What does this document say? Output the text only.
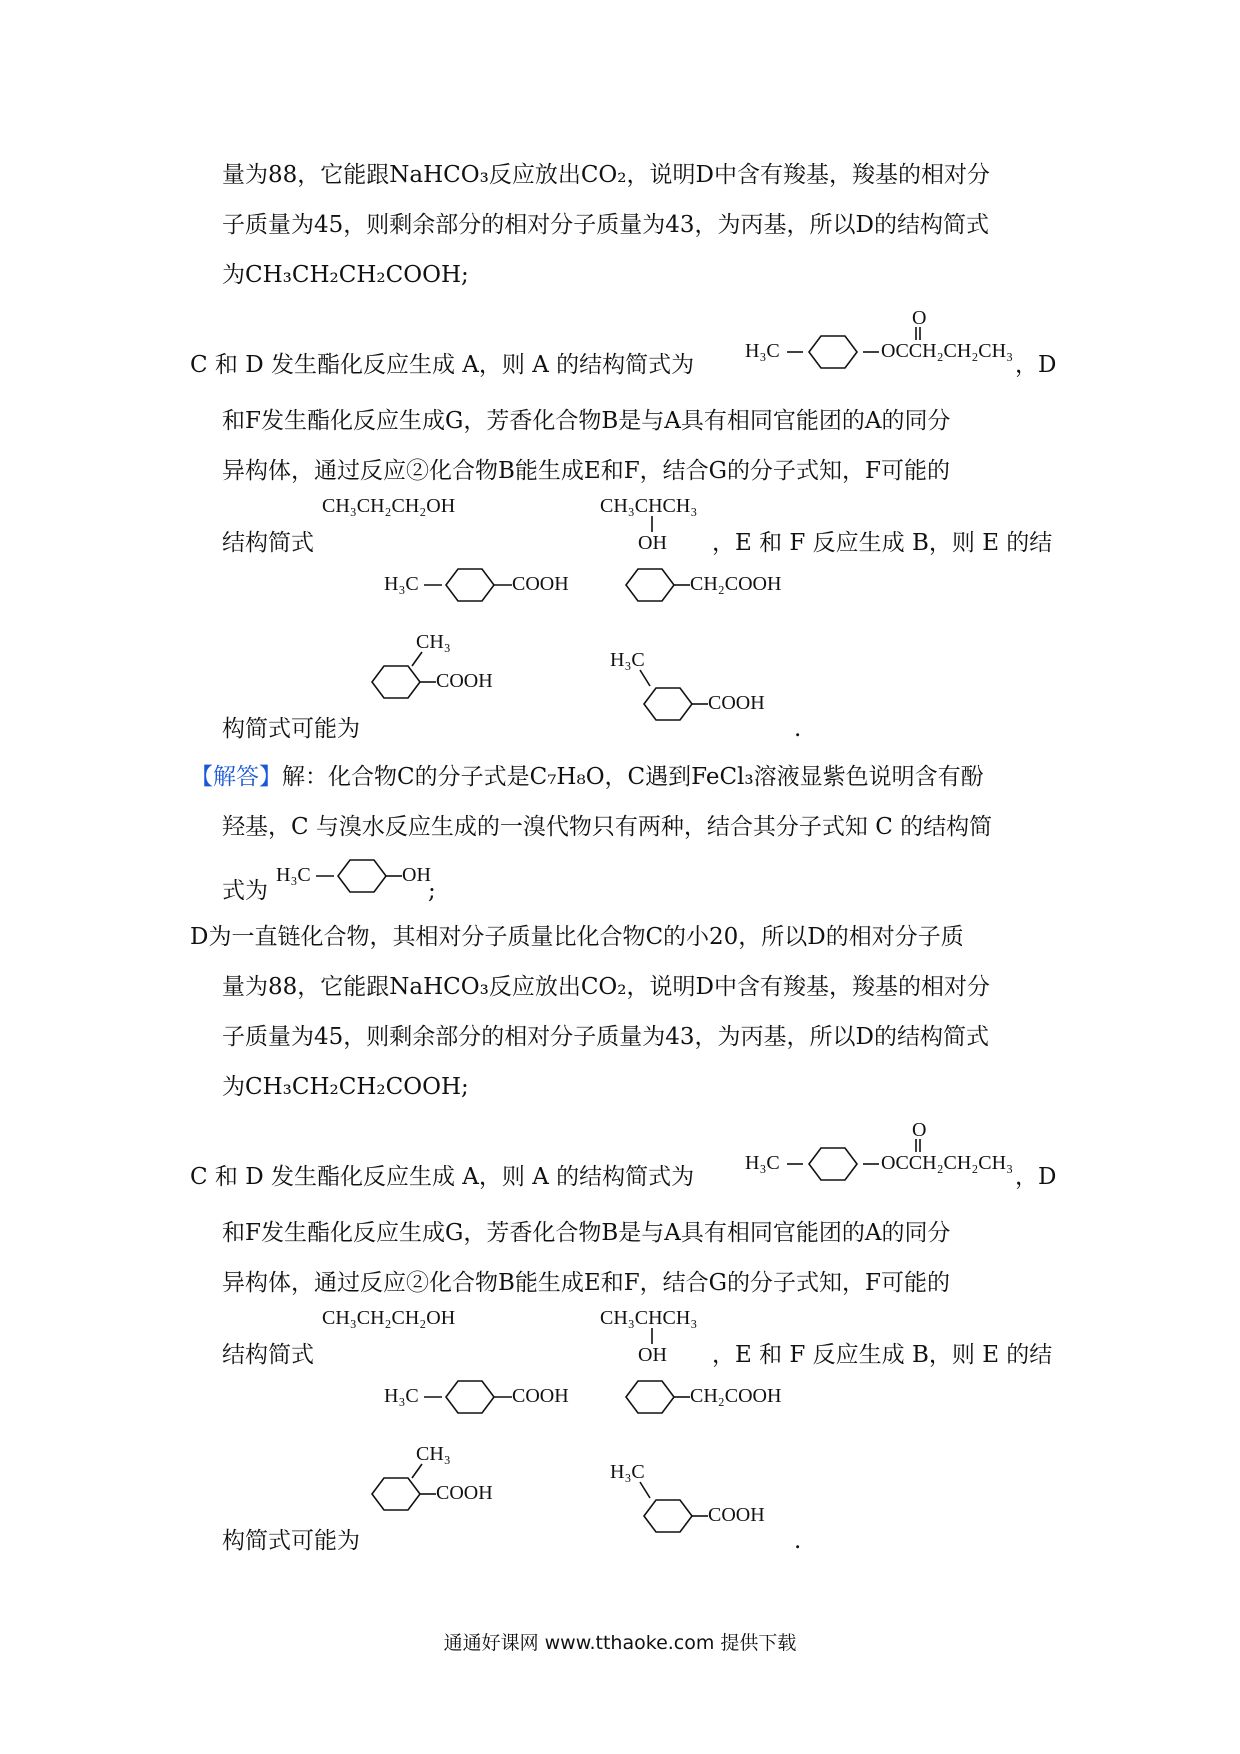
量为88，它能跟NaHCO₃反应放出CO₂，说明D中含有羧基，羧基的相对分
子质量为45，则剩余部分的相对分子质量为43，为丙基，所以D的结构简式
为CH₃CH₂CH₂COOH;
C 和 D 发生酯化反应生成 A，则 A 的结构简式为
H₃C
O
OCCH₂CH₂CH₃
，D
和F发生酯化反应生成G，芳香化合物B是与A具有相同官能团的A的同分
异构体，通过反应②化合物B能生成E和F，结合G的分子式知，F可能的
CH₃CH₂CH₂OH	CH₃CHCH₃
OH
结构简式	，E 和 F 反应生成 B，则 E 的结
H₃C	COOH	CH₂COOH
CH₃
COOH
H₃C
COOH
构简式可能为	.
【解答】解：化合物C的分子式是C₇H₈O，C遇到FeCl₃溶液显紫色说明含有酚
羟基，C 与溴水反应生成的一溴代物只有两种，结合其分子式知 C 的结构简
式为
H₃C	OH
;
D为一直链化合物，其相对分子质量比化合物C的小20，所以D的相对分子质
量为88，它能跟NaHCO₃反应放出CO₂，说明D中含有羧基，羧基的相对分
子质量为45，则剩余部分的相对分子质量为43，为丙基，所以D的结构简式
为CH₃CH₂CH₂COOH;
C 和 D 发生酯化反应生成 A，则 A 的结构简式为
H₃C
O
OCCH₂CH₂CH₃
，D
和F发生酯化反应生成G，芳香化合物B是与A具有相同官能团的A的同分
异构体，通过反应②化合物B能生成E和F，结合G的分子式知，F可能的
CH₃CH₂CH₂OH	CH₃CHCH₃
OH
结构简式	，E 和 F 反应生成 B，则 E 的结
H₃C	COOH	CH₂COOH
CH₃
COOH
H₃C
COOH
构简式可能为	.
通通好课网 www.tthaoke.com 提供下载
